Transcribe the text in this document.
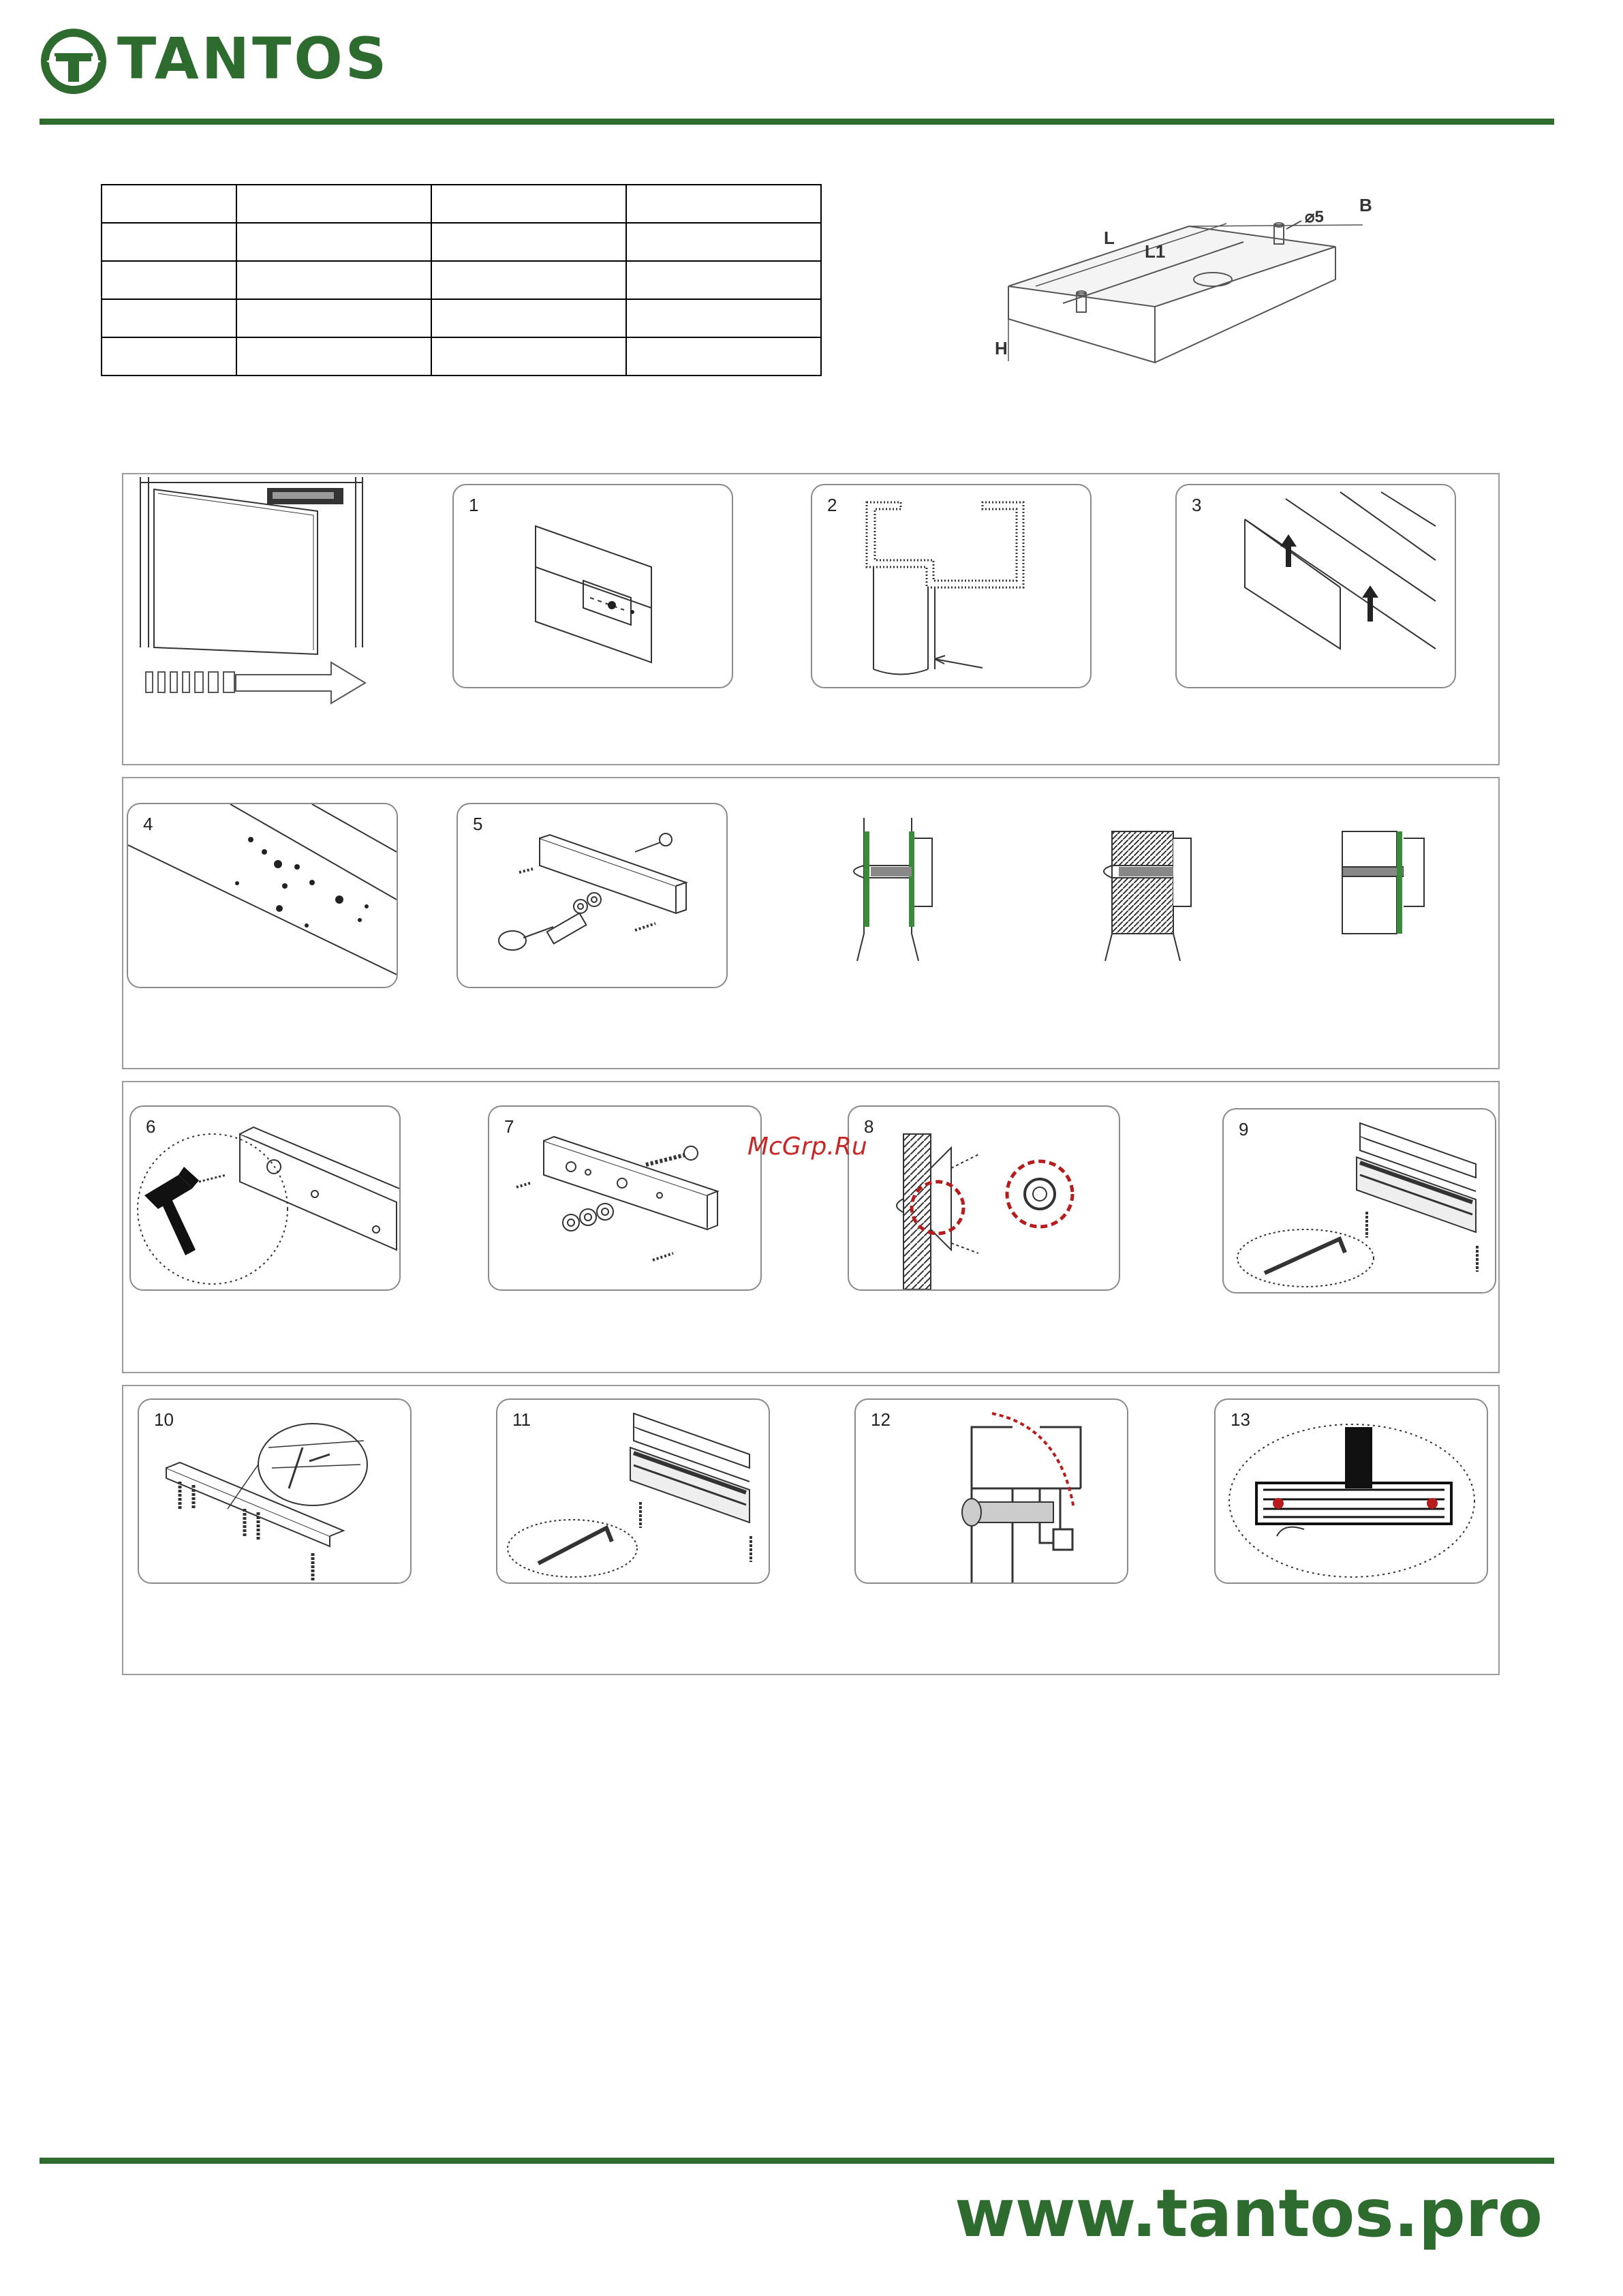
TANTOS

L
L1
B
⌀5
H
1	2	3
4	5
6	7	8	9
McGrp.Ru
10	11	12	13
www.tantos.pro
